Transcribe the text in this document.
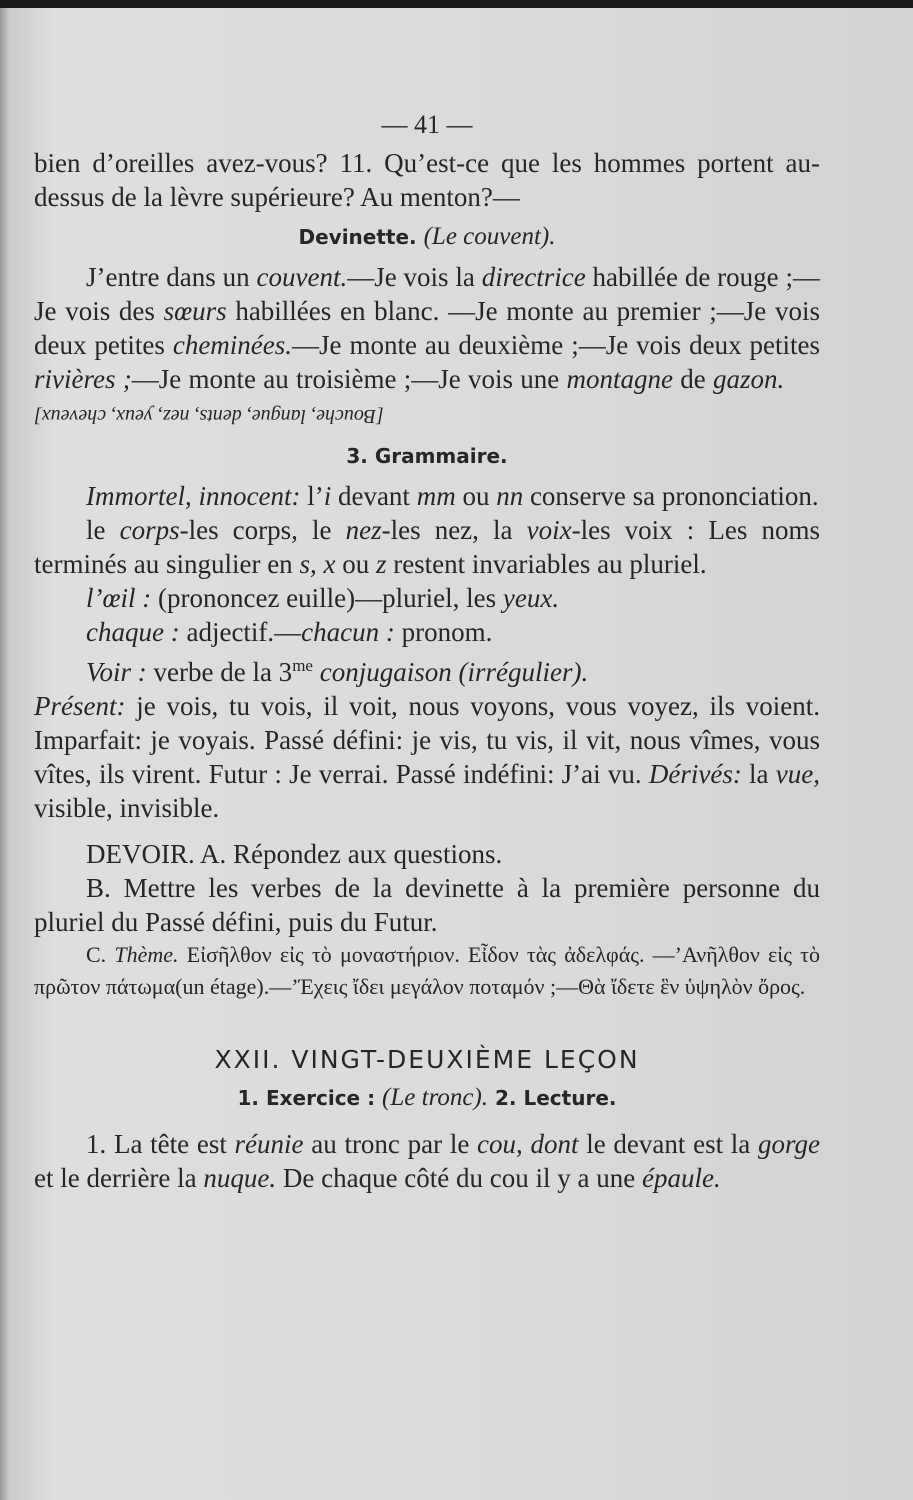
— 41 —

bien d’oreilles avez-vous? 11. Qu’est-ce que les hommes portent au-dessus de la lèvre supérieure? Au menton?—

Devinette. (Le couvent).

J’entre dans un couvent.—Je vois la directrice habillée de rouge ;—Je vois des sœurs habillées en blanc. —Je monte au premier ;—Je vois deux petites cheminées.—Je monte au deuxième ;—Je vois deux petites rivières ;—Je monte au troisième ;—Je vois une montagne de gazon.     [Bouche, langue, dents, nez, yeux, cheveux]

3. Grammaire.

Immortel, innocent: l’i devant mm ou nn conserve sa prononciation.

le corps-les corps, le nez-les nez, la voix-les voix : Les noms terminés au singulier en s, x ou z restent invariables au pluriel.

l’œil : (prononcez euille)—pluriel, les yeux.

chaque : adjectif.—chacun : pronom.

Voir : verbe de la $3^{me}$ conjugaison (irrégulier).

Présent: je vois, tu vois, il voit, nous voyons, vous voyez, ils voient. Imparfait: je voyais. Passé défini: je vis, tu vis, il vit, nous vîmes, vous vîtes, ils virent. Futur : Je verrai. Passé indéfini: J’ai vu. Dérivés: la vue, visible, invisible.

DEVOIR. A. Répondez aux questions.

B. Mettre les verbes de la devinette à la première personne du pluriel du Passé défini, puis du Futur.

C. Thème. Εἰσῆλθον εἰς τὸ μοναστήριον. Εἶδον τὰς ἀδελφάς. —’Ανῆλθον εἰς τὸ πρῶτον πάτωμα(un étage).—’Έχεις ἴδει μεγάλον ποταμόν ;—Θὰ ἴδετε ἓν ὑψηλὸν ὄρος.

XXII. VINGT-DEUXIÈME LEÇON
1. Exercice : (Le tronc). 2. Lecture.

1. La tête est réunie au tronc par le cou, dont le devant est la gorge et le derrière la nuque. De chaque côté du cou il y a une épaule.
